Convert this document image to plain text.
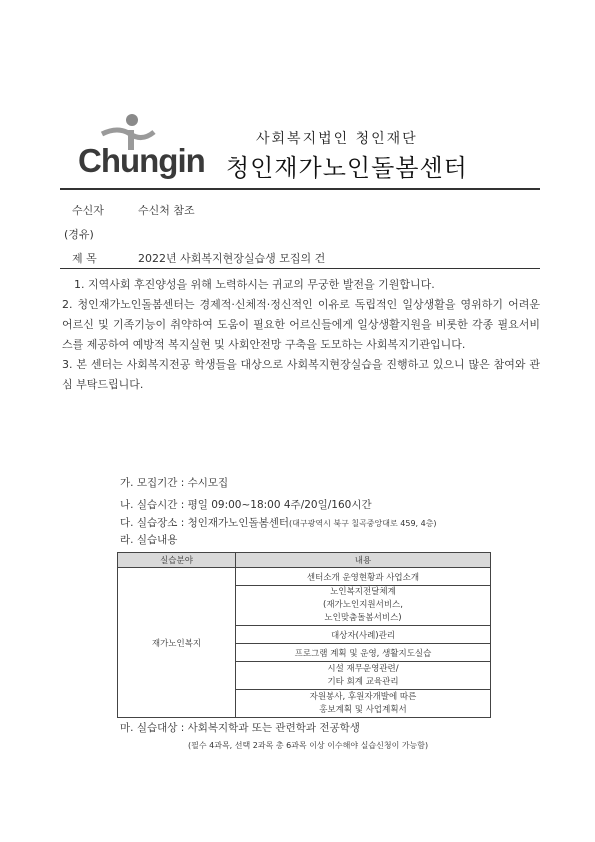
Chungin
사회복지법인 청인재단
청인재가노인돌봄센터
수신자	수신처 참조
(경유)
제 목	2022년 사회복지현장실습생 모집의 건

1. 지역사회 후진양성을 위해 노력하시는 귀교의 무궁한 발전을 기원합니다.

2. 청인재가노인돌봄센터는 경제적·신체적·정신적인 이유로 독립적인 일상생활을 영위하기 어려운 어르신 및 기족기능이 취약하여 도움이 필요한 어르신들에게 일상생활지원을 비롯한 각종 필요서비스를 제공하여 예방적 복지실현 및 사회안전망 구축을 도모하는 사회복지기관입니다.

3. 본 센터는 사회복지전공 학생들을 대상으로 사회복지현장실습을 진행하고 있으니 많은 참여와 관심 부탁드립니다.

가. 모집기간 : 수시모집
나. 실습시간 : 평일 09:00~18:00 4주/20일/160시간
다. 실습장소 : 청인재가노인돌봄센터(대구광역시 북구 칠곡중앙대로 459, 4층)
라. 실습내용
실습분야	내용
재가노인복지	센터소개 운영현황과 사업소개

	노인복지전달체계
(재가노인지원서비스,
노인맞춤돌봄서비스)

	대상자(사례)관리
	프로그램 계획 및 운영, 생활지도실습

	시설 재무운영관련/
기타 회계 교육관리

	자원봉사, 후원자개발에 따른
홍보계획 및 사업계획서
마. 실습대상 : 사회복지학과 또는 관련학과 전공학생
(필수 4과목, 선택 2과목 총 6과목 이상 이수해야 실습신청이 가능함)
